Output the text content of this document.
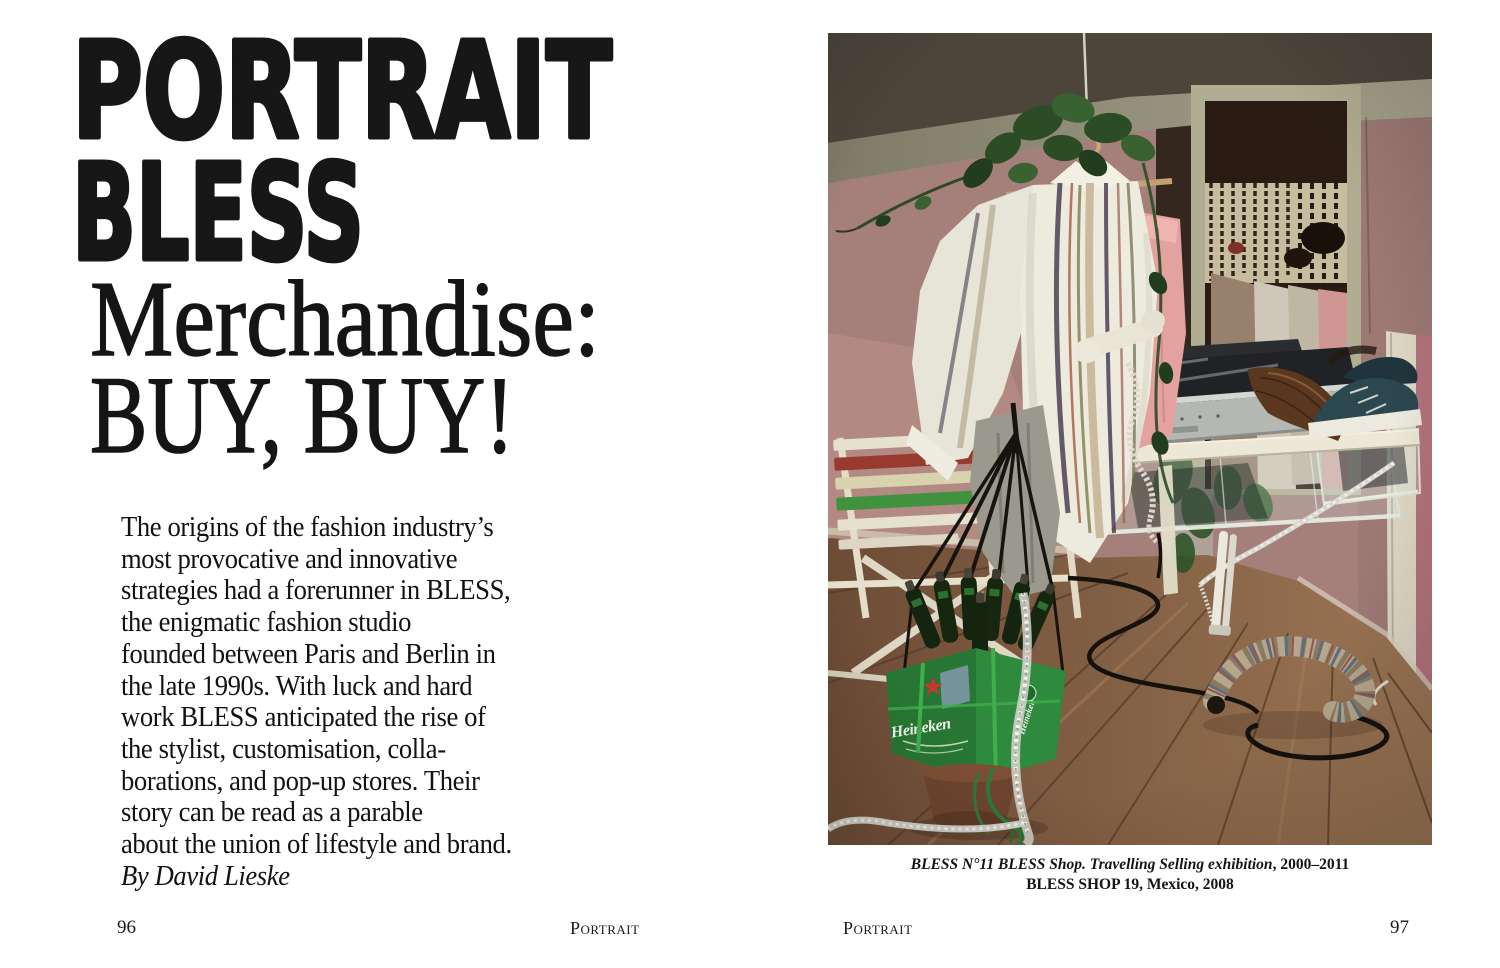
PORTRAIT
BLESS
Merchandise:
BUY, BUY!
The origins of the fashion industry’s
most provocative and innovative
strategies had a forerunner in BLESS,
the enigmatic fashion studio
founded between Paris and Berlin in
the late 1990s. With luck and hard
work BLESS anticipated the rise of
the stylist, customisation, colla-
borations, and pop-up stores. Their
story can be read as a parable
about the union of lifestyle and brand.
By David Lieske
96	Portrait
BLESS N°11 BLESS Shop. Travelling Selling exhibition, 2000–2011
BLESS SHOP 19, Mexico, 2008
Portrait	97
